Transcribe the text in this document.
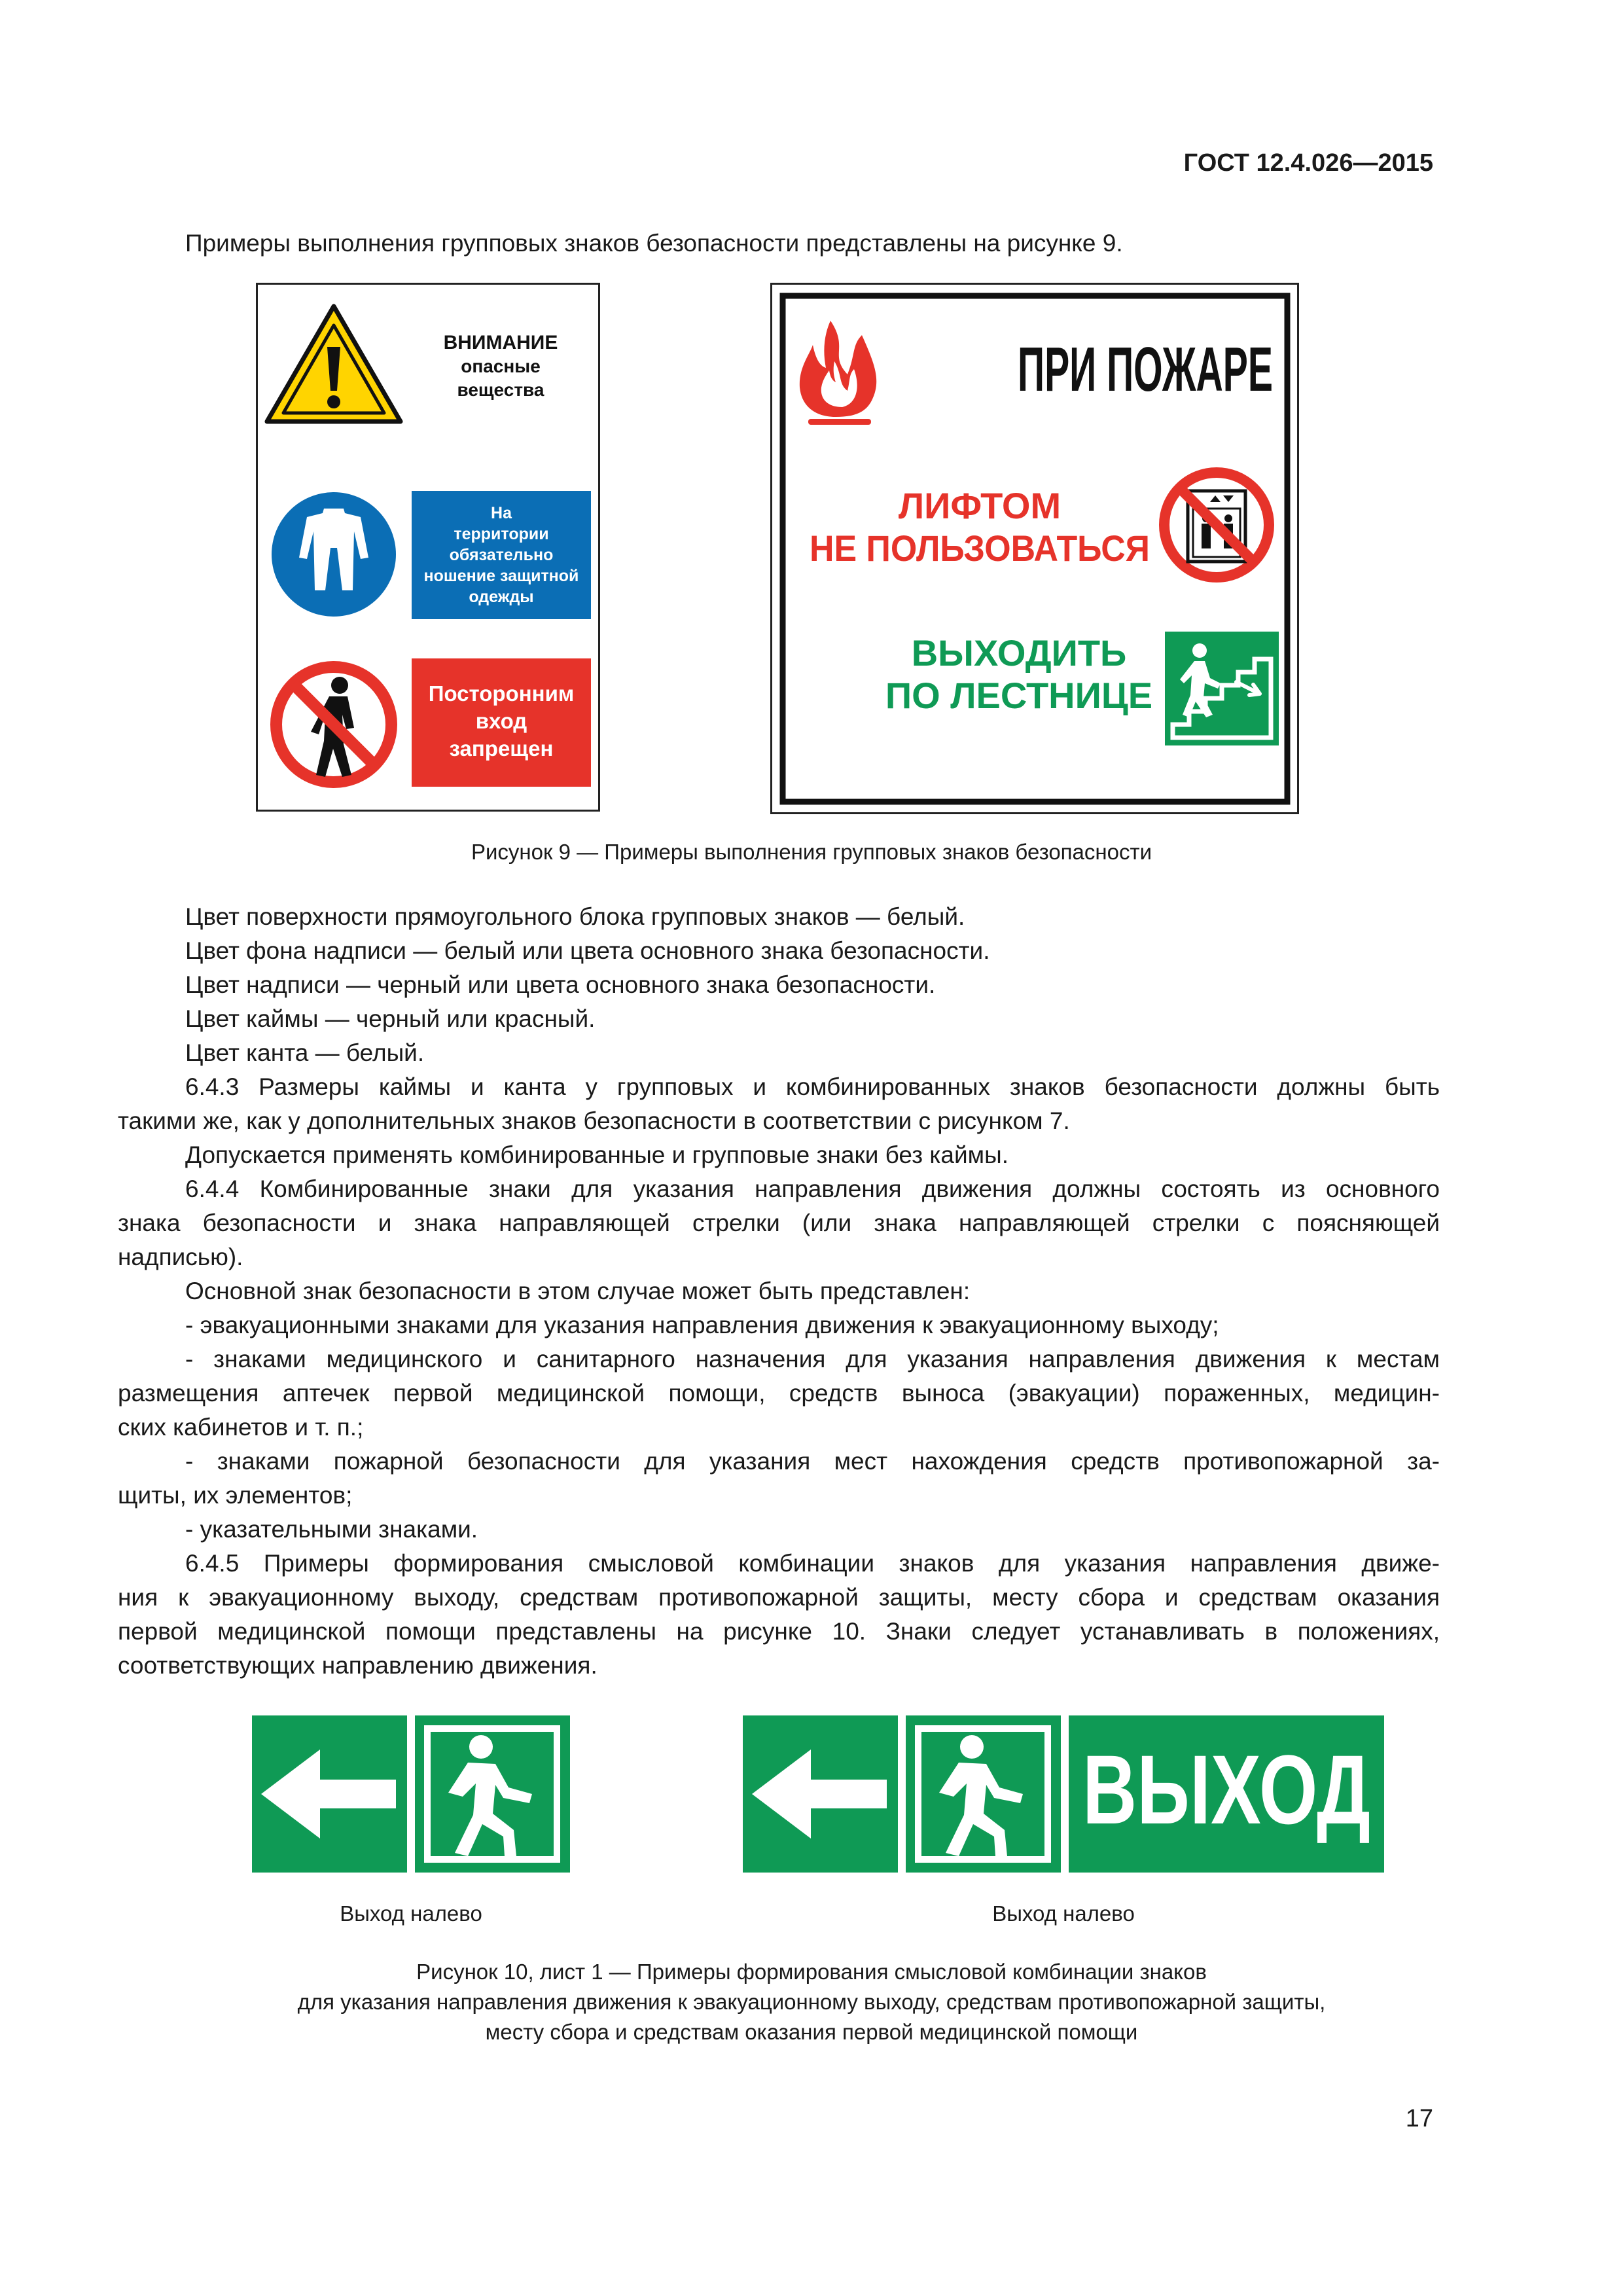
ГОСТ 12.4.026—2015

Примеры выполнения групповых знаков безопасности представлены на рисунке 9.

ВНИМАНИЕ
опасные
вещества
На
территории
обязательно
ношение защитной
одежды
Посторонним
вход
запрещен
ПРИ ПОЖАРЕ
ЛИФТОМ
НЕ ПОЛЬЗОВАТЬСЯ
ВЫХОДИТЬ
ПО ЛЕСТНИЦЕ
Рисунок 9 — Примеры выполнения групповых знаков безопасности

Цвет поверхности прямоугольного блока групповых знаков — белый.

Цвет фона надписи — белый или цвета основного знака безопасности.

Цвет надписи — черный или цвета основного знака безопасности.

Цвет каймы — черный или красный.

Цвет канта — белый.

6.4.3 Размеры каймы и канта у групповых и комбинированных знаков безопасности должны быть

такими же, как у дополнительных знаков безопасности в соответствии с рисунком 7.

Допускается применять комбинированные и групповые знаки без каймы.

6.4.4 Комбинированные знаки для указания направления движения должны состоять из основного

знака безопасности и знака направляющей стрелки (или знака направляющей стрелки с поясняющей

надписью).

Основной знак безопасности в этом случае может быть представлен:

- эвакуационными знаками для указания направления движения к эвакуационному выходу;

- знаками медицинского и санитарного назначения для указания направления движения к местам

размещения аптечек первой медицинской помощи, средств выноса (эвакуации) пораженных, медицин-

ских кабинетов и т. п.;

- знаками пожарной безопасности для указания мест нахождения средств противопожарной за-

щиты, их элементов;

- указательными знаками.

6.4.5 Примеры формирования смысловой комбинации знаков для указания направления движе-

ния к эвакуационному выходу, средствам противопожарной защиты, месту сбора и средствам оказания

первой медицинской помощи представлены на рисунке 10. Знаки следует устанавливать в положениях,

соответствующих направлению движения.

ВЫХОД
Выход налево	Выход налево
Рисунок 10, лист 1 — Примеры формирования смысловой комбинации знаков
для указания направления движения к эвакуационному выходу, средствам противопожарной защиты,
месту сбора и средствам оказания первой медицинской помощи
17
